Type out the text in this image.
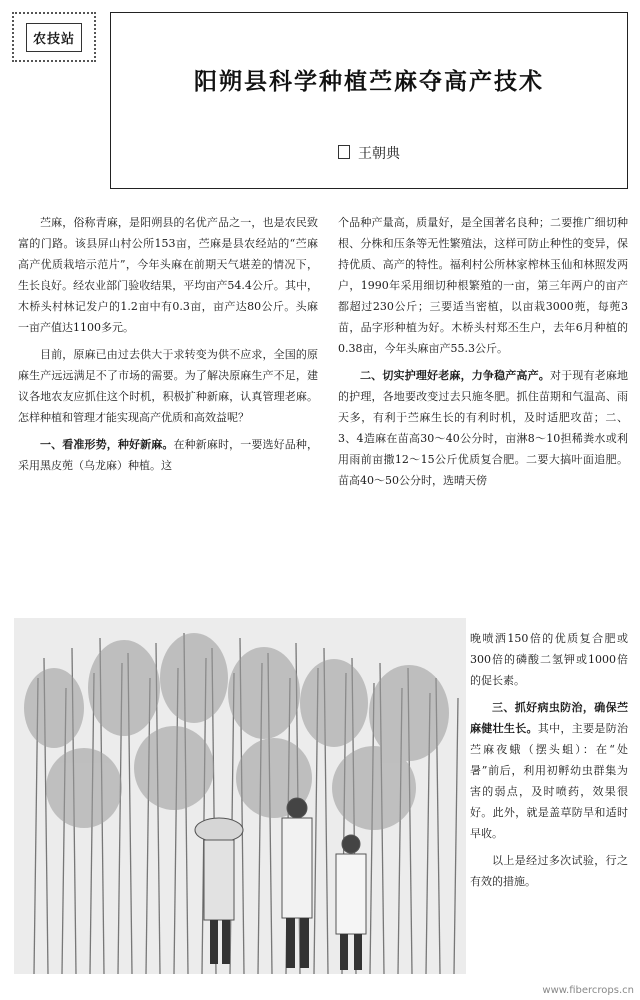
农技站
阳朔县科学种植苎麻夺高产技术
王朝典

苎麻，俗称青麻，是阳朔县的名优产品之一，也是农民致富的门路。该县屏山村公所153亩，苎麻是县农经站的“苎麻高产优质栽培示范片”，今年头麻在前期天气堪差的情况下，生长良好。经农业部门验收结果，平均亩产54.4公斤。其中，木桥头村林记发户的1.2亩中有0.3亩，亩产达80公斤。头麻一亩产值达1100多元。

目前，原麻已由过去供大于求转变为供不应求，全国的原麻生产远远满足不了市场的需要。为了解决原麻生产不足，建议各地农友应抓住这个时机，积极扩种新麻，认真管理老麻。怎样种植和管理才能实现高产优质和高效益呢？

一、看准形势，种好新麻。在种新麻时，一要选好品种，采用黑皮蔸（乌龙麻）种植。这

个品种产量高，质量好，是全国著名良种；二要推广细切种根、分株和压条等无性繁殖法，这样可防止种性的变异，保持优质、高产的特性。福利村公所林家榨林玉仙和林照发两户，1990年采用细切种根繁殖的一亩，第三年两户的亩产都超过230公斤；三要适当密植，以亩栽3000蔸，每蔸3苗，品字形种植为好。木桥头村郑丕生户，去年6月种植的0.38亩，今年头麻亩产55.3公斤。

二、切实护理好老麻，力争稳产高产。对于现有老麻地的护理，各地要改变过去只施冬肥。抓住苗期和气温高、雨天多，有利于苎麻生长的有利时机，及时适肥攻苗；二、3、4造麻在苗高30～40公分时，亩淋8～10担稀粪水或利用雨前亩撒12～15公斤优质复合肥。二要大搞叶面追肥。苗高40～50公分时，选晴天傍

晚喷洒150倍的优质复合肥或300倍的磷酸二氢钾或1000倍的促长素。

三、抓好病虫防治，确保苎麻健壮生长。其中，主要是防治苎麻夜蛾（摆头蛆）：在“处暑”前后，利用初孵幼虫群集为害的弱点，及时喷药，效果很好。此外，就是盖草防旱和适时早收。

以上是经过多次试验，行之有效的措施。

www.fibercrops.cn
